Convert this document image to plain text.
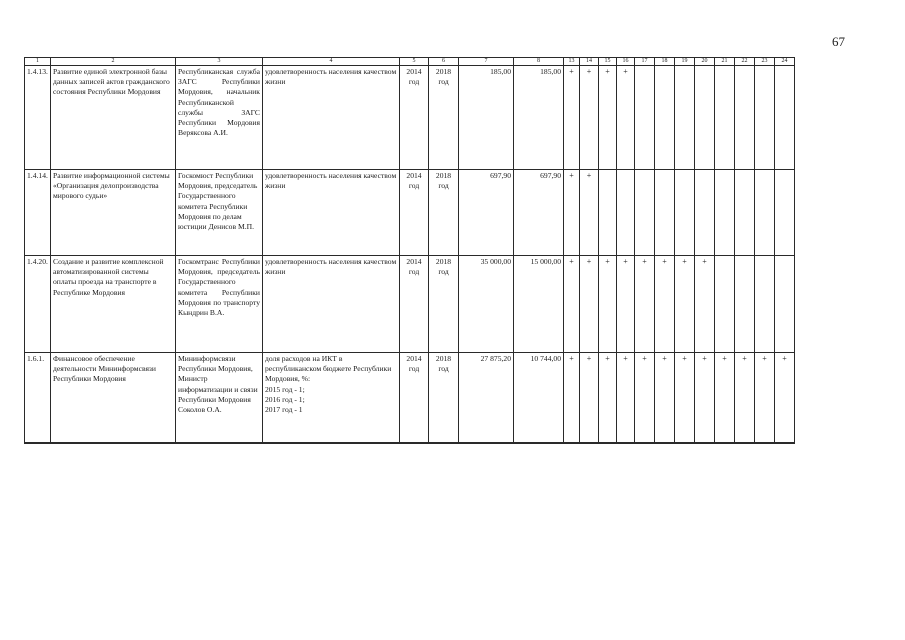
67
1	2	3	4	5	6	7	8	13	14	15	16	17	18	19	20	21	22	23	24
1.4.13.	Развитие единой электронной базы данных записей актов гражданского состояния Республики Мордовия	Республиканская служба ЗАГС Республики Мордовия, начальник Республиканской службы ЗАГС Республики Мордовия Веряксова А.И.	удовлетворенность населения качеством жизни	2014 год	2018 год	185,00	185,00	+	+	+	+								
1.4.14.	Развитие информационной системы «Организация делопроизводства мирового судьи»	Госкомюст Республики Мордовия, председатель Государственного комитета Республики Мордовия по делам юстиции Денисов М.П.	удовлетворенность населения качеством жизни	2014 год	2018 год	697,90	697,90	+	+										
1.4.20.	Создание и развитие комплексной автоматизированной системы оплаты проезда на транспорте в Республике Мордовия	Госкомтранс Республики Мордовия, председатель Государственного комитета Республики Мордовия по транспорту Кындрин В.А.	удовлетворенность населения качеством жизни	2014 год	2018 год	35 000,00	15 000,00	+	+	+	+	+	+	+	+				
1.6.1.	Финансовое обеспечение деятельности Мининформсвязи Республики Мордовия	Мининформсвязи Республики Мордовия, Министр информатизации и связи Республики Мордовия Соколов О.А.	доля расходов на ИКТ в республиканском бюджете Республики Мордовия, %:
2015 год - 1;
2016 год - 1;
2017 год - 1	2014 год	2018 год	27 875,20	10 744,00	+	+	+	+	+	+	+	+	+	+	+	+
